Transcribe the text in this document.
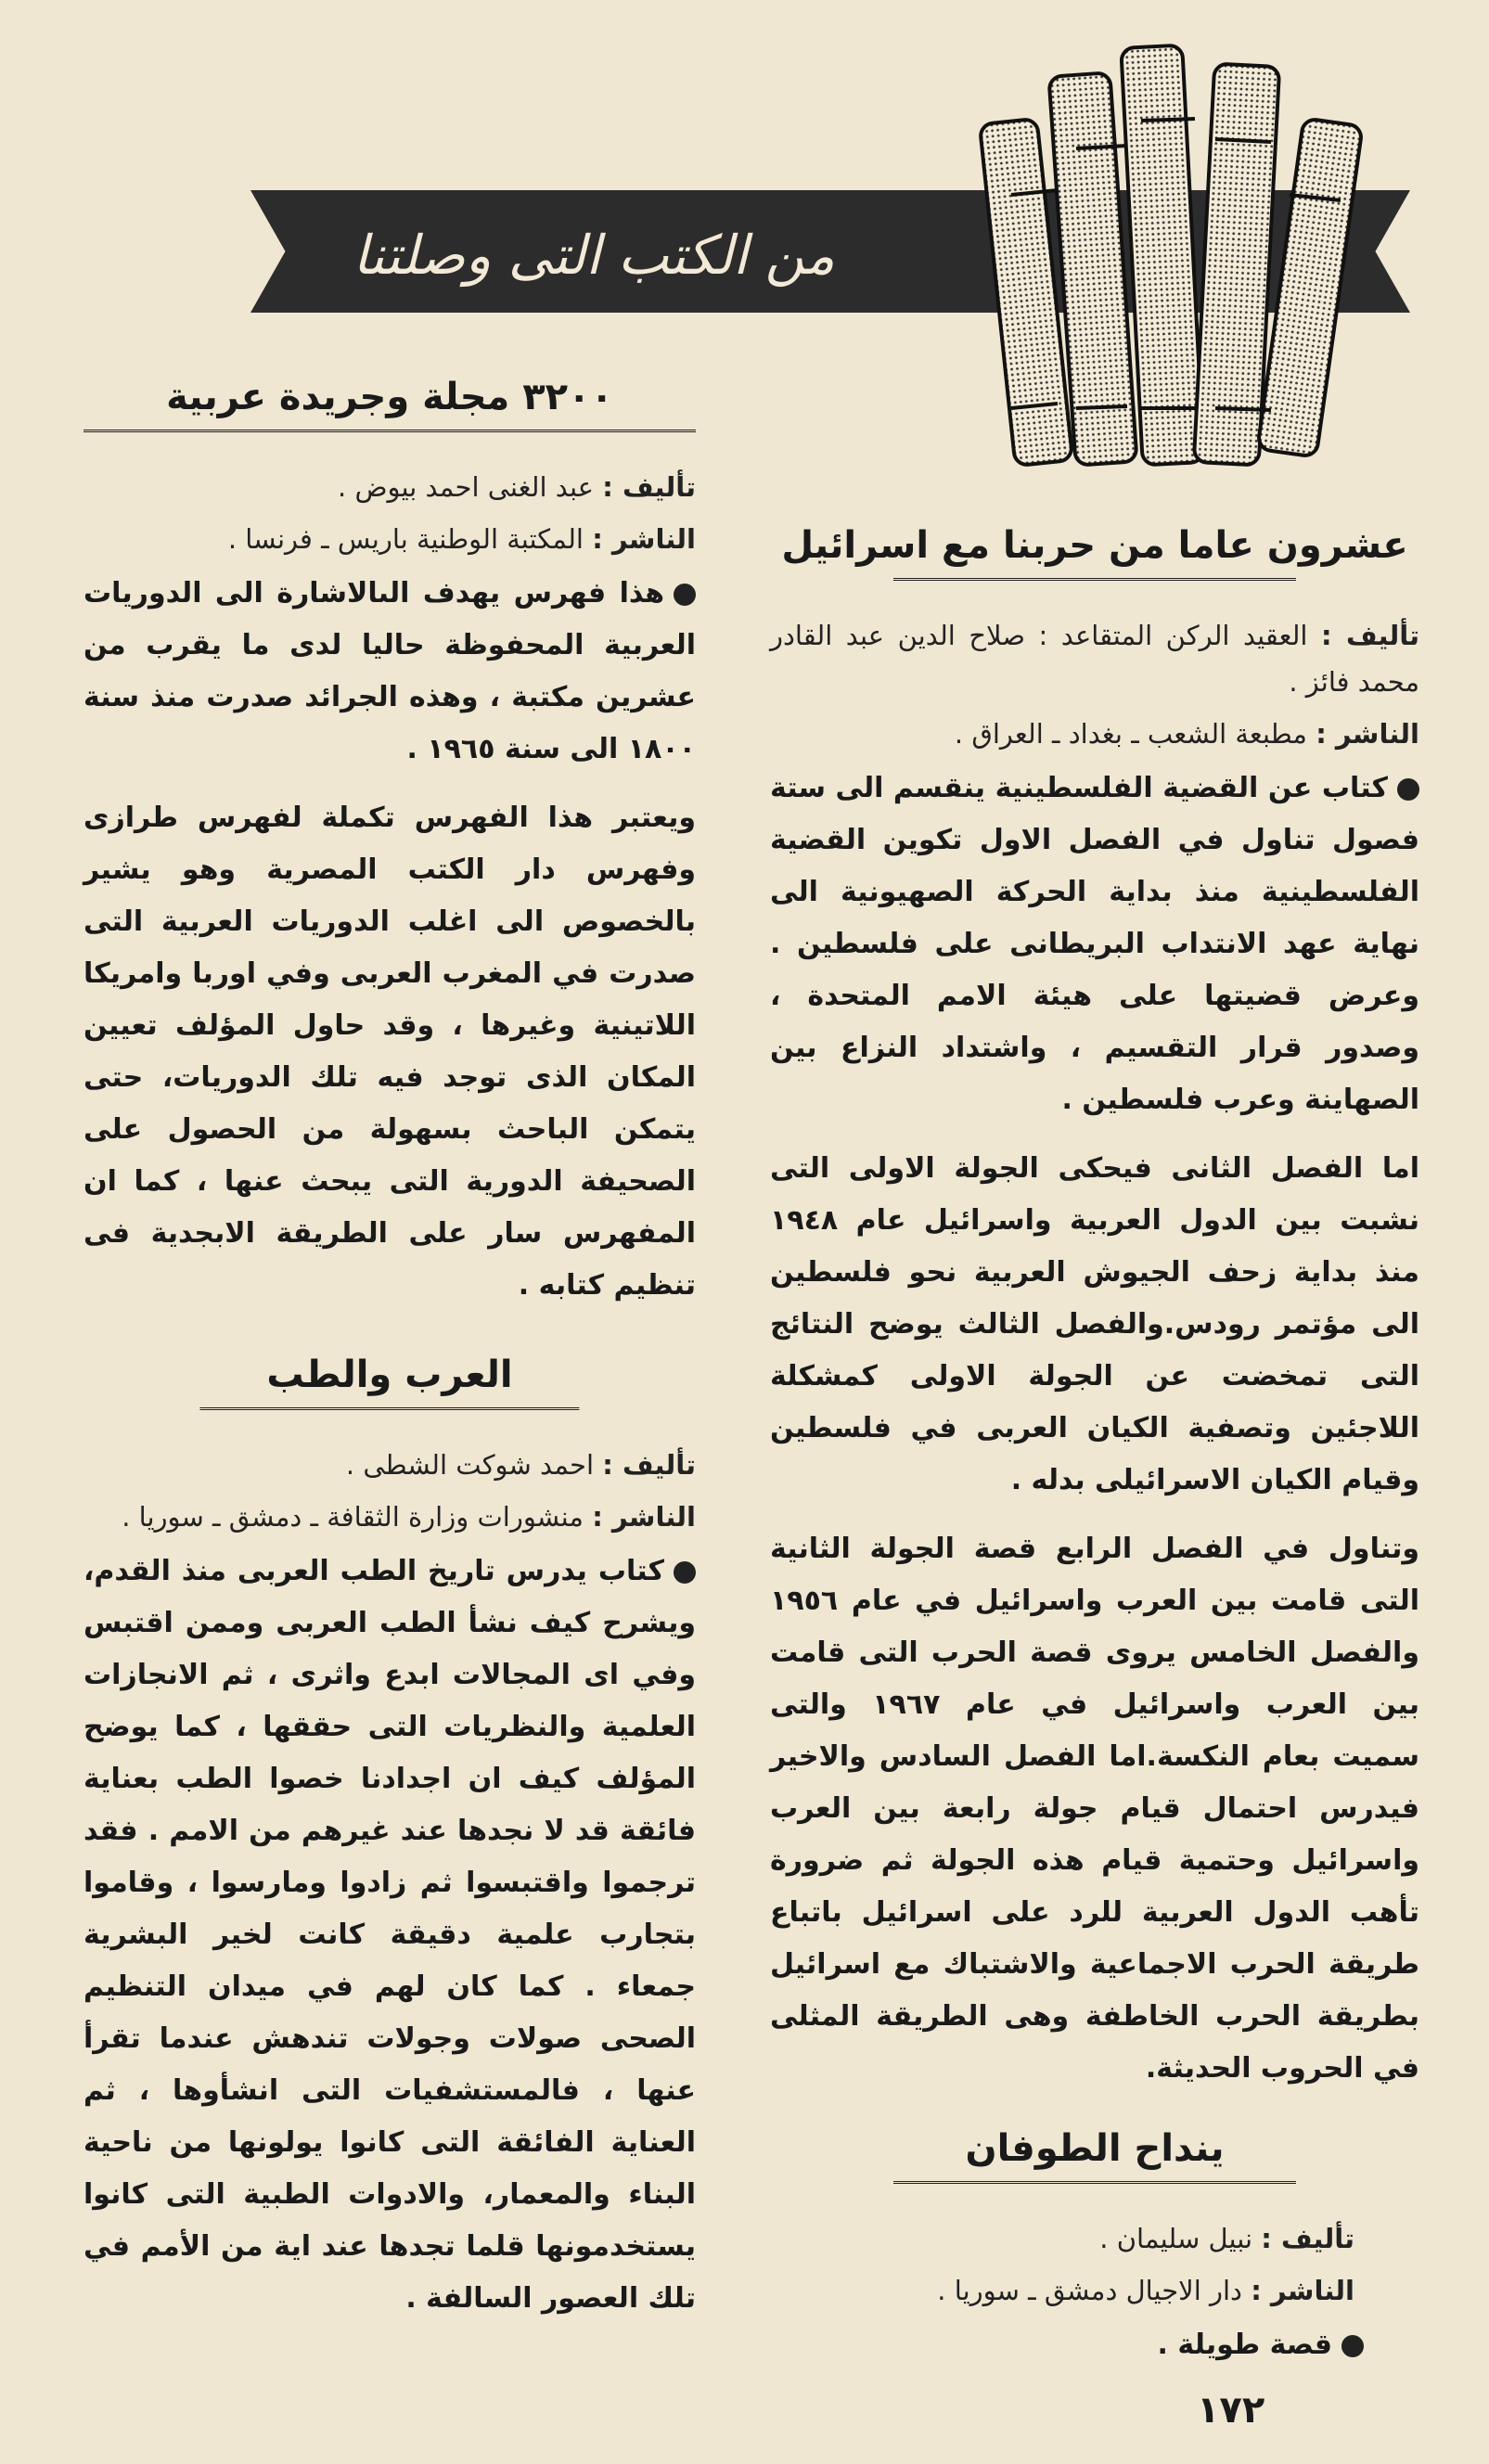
من الكتب التى وصلتنا
عشرون عاما من حربنا مع اسرائيل
تأليف : العقيد الركن المتقاعد : صلاح الدين عبد القادر محمد فائز .
الناشر : مطبعة الشعب ـ بغداد ـ العراق .

كتاب عن القضية الفلسطينية ينقسم الى ستة فصول تناول في الفصل الاول تكوين القضية الفلسطينية منذ بداية الحركة الصهيونية الى نهاية عهد الانتداب البريطانى على فلسطين . وعرض قضيتها على هيئة الامم المتحدة ، وصدور قرار التقسيم ، واشتداد النزاع بين الصهاينة وعرب فلسطين .

اما الفصل الثانى فيحكى الجولة الاولى التى نشبت بين الدول العربية واسرائيل عام ١٩٤٨ منذ بداية زحف الجيوش العربية نحو فلسطين الى مؤتمر رودس.والفصل الثالث يوضح النتائج التى تمخضت عن الجولة الاولى كمشكلة اللاجئين وتصفية الكيان العربى في فلسطين وقيام الكيان الاسرائيلى بدله .

وتناول في الفصل الرابع قصة الجولة الثانية التى قامت بين العرب واسرائيل في عام ١٩٥٦ والفصل الخامس يروى قصة الحرب التى قامت بين العرب واسرائيل في عام ١٩٦٧ والتى سميت بعام النكسة.اما الفصل السادس والاخير فيدرس احتمال قيام جولة رابعة بين العرب واسرائيل وحتمية قيام هذه الجولة ثم ضرورة تأهب الدول العربية للرد على اسرائيل باتباع طريقة الحرب الاجماعية والاشتباك مع اسرائيل بطريقة الحرب الخاطفة وهى الطريقة المثلى في الحروب الحديثة.

ينداح الطوفان
تأليف : نبيل سليمان .
الناشر : دار الاجيال دمشق ـ سوريا .

قصة طويلة .

٣٢٠٠ مجلة وجريدة عربية
تأليف : عبد الغنى احمد بيوض .
الناشر : المكتبة الوطنية باريس ـ فرنسا .

هذا فهرس يهدف الىالاشارة الى الدوريات العربية المحفوظة حاليا لدى ما يقرب من عشرين مكتبة ، وهذه الجرائد صدرت منذ سنة ١٨٠٠ الى سنة ١٩٦٥ .

ويعتبر هذا الفهرس تكملة لفهرس طرازى وفهرس دار الكتب المصرية وهو يشير بالخصوص الى اغلب الدوريات العربية التى صدرت في المغرب العربى وفي اوربا وامريكا اللاتينية وغيرها ، وقد حاول المؤلف تعيين المكان الذى توجد فيه تلك الدوريات، حتى يتمكن الباحث بسهولة من الحصول على الصحيفة الدورية التى يبحث عنها ، كما ان المفهرس سار على الطريقة الابجدية فى تنظيم كتابه .

العرب والطب
تأليف : احمد شوكت الشطى .
الناشر : منشورات وزارة الثقافة ـ دمشق ـ سوريا .

كتاب يدرس تاريخ الطب العربى منذ القدم، ويشرح كيف نشأ الطب العربى وممن اقتبس وفي اى المجالات ابدع واثرى ، ثم الانجازات العلمية والنظريات التى حققها ، كما يوضح المؤلف كيف ان اجدادنا خصوا الطب بعناية فائقة قد لا نجدها عند غيرهم من الامم . فقد ترجموا واقتبسوا ثم زادوا ومارسوا ، وقاموا بتجارب علمية دقيقة كانت لخير البشرية جمعاء . كما كان لهم في ميدان التنظيم الصحى صولات وجولات تندهش عندما تقرأ عنها ، فالمستشفيات التى انشأوها ، ثم العناية الفائقة التى كانوا يولونها من ناحية البناء والمعمار، والادوات الطبية التى كانوا يستخدمونها قلما تجدها عند اية من الأمم في تلك العصور السالفة .

١٧٢
